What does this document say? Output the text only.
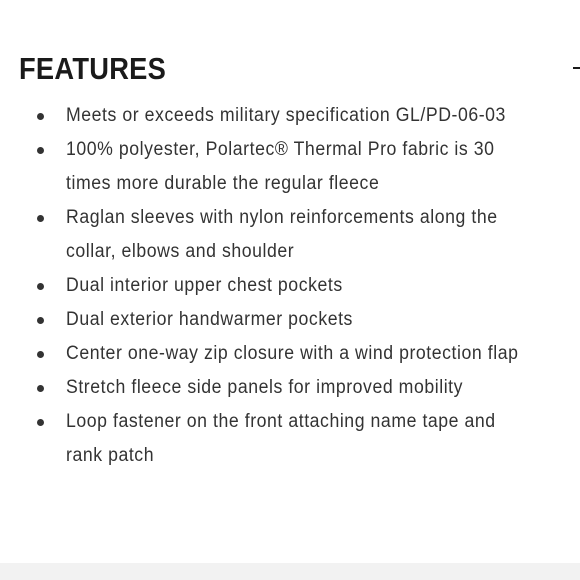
FEATURES
Meets or exceeds military specification GL/PD-06-03
100% polyester, Polartec® Thermal Pro fabric is 30
times more durable the regular fleece
Raglan sleeves with nylon reinforcements along the
collar, elbows and shoulder
Dual interior upper chest pockets
Dual exterior handwarmer pockets
Center one-way zip closure with a wind protection flap
Stretch fleece side panels for improved mobility
Loop fastener on the front attaching name tape and
rank patch
